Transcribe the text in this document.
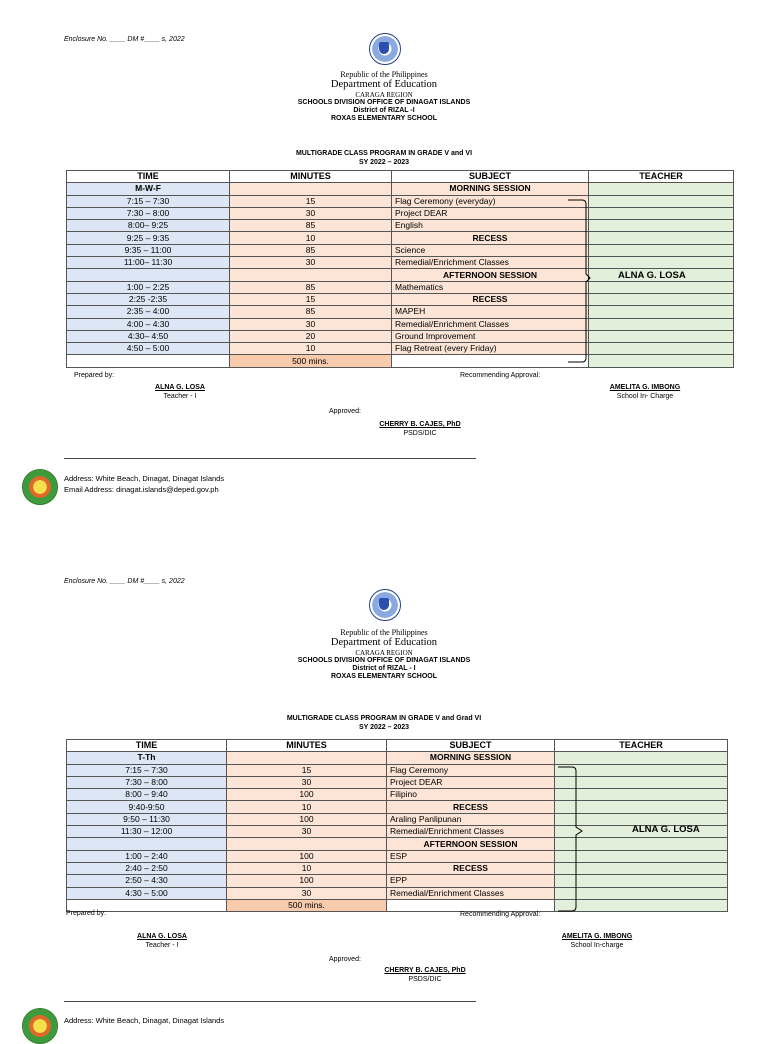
Enclosure No. ____ DM #____ s, 2022
Republic of the Philippines
Department of Education
CARAGA REGION
SCHOOLS DIVISION OFFICE OF DINAGAT ISLANDS
District of RIZAL -I
ROXAS ELEMENTARY SCHOOL
MULTIGRADE CLASS PROGRAM IN GRADE V and VI
SY 2022 – 2023
TIME	MINUTES	SUBJECT	TEACHER
M-W-F		MORNING SESSION	
7:15 – 7:30	15	Flag Ceremony (everyday)	
7:30 – 8:00	30	Project DEAR	
8:00– 9:25	85	English	
9:25 – 9:35	10	RECESS	
9:35 – 11:00	85	Science	
11:00– 11:30	30	Remedial/Enrichment Classes	
		AFTERNOON SESSION	
1:00 – 2:25	85	Mathematics	
2:25 -2:35	15	RECESS	
2:35 – 4:00	85	MAPEH	
4:00 – 4:30	30	Remedial/Enrichment Classes	
4:30– 4:50	20	Ground Improvement	
4:50 – 5:00	10	Flag Retreat (every Friday)	
	500 mins.		
ALNA G. LOSA
Prepared by:
ALNA G. LOSA
Teacher - I
Recommending Approval:
AMELITA G. IMBONG
School In- Charge
Approved:
CHERRY B. CAJES, PhD
PSDS/DIC
Address: White Beach, Dinagat, Dinagat Islands
Email Address: dinagat.islands@deped.gov.ph
Enclosure No. ____ DM #____ s, 2022
Republic of the Philippines
Department of Education
CARAGA REGION
SCHOOLS DIVISION OFFICE OF DINAGAT ISLANDS
District of RIZAL - I
ROXAS ELEMENTARY SCHOOL
MULTIGRADE CLASS PROGRAM IN GRADE V and Grad VI
SY 2022 – 2023
TIME	MINUTES	SUBJECT	TEACHER
T-Th		MORNING SESSION	
7:15 – 7:30	15	Flag Ceremony	
7:30 – 8:00	30	Project DEAR	
8:00 – 9:40	100	Filipino	
9:40-9:50	10	RECESS	
9:50 – 11:30	100	Araling Panlipunan	
11:30 – 12:00	30	Remedial/Enrichment Classes	
		AFTERNOON SESSION	
1:00 – 2:40	100	ESP	
2:40 – 2:50	10	RECESS	
2:50 – 4:30	100	EPP	
4:30 – 5:00	30	Remedial/Enrichment Classes	
	500 mins.		
ALNA G. LOSA
Prepared by:
ALNA G. LOSA
Teacher - I
Recommending Approval:
AMELITA G. IMBONG
School In-charge
Approved:
CHERRY B. CAJES, PhD
PSDS/DIC
Address: White Beach, Dinagat, Dinagat Islands
